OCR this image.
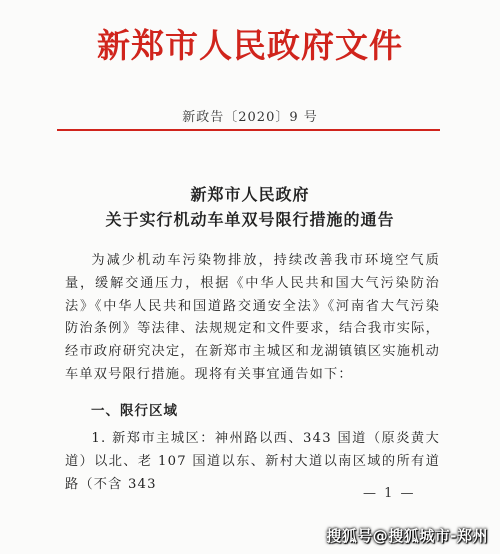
新郑市人民政府文件
新政告〔2020〕9 号
新郑市人民政府
关于实行机动车单双号限行措施的通告

为减少机动车污染物排放，持续改善我市环境空气质量，缓解交通压力，根据《中华人民共和国大气污染防治法》《中华人民共和国道路交通安全法》《河南省大气污染防治条例》等法律、法规规定和文件要求，结合我市实际，经市政府研究决定，在新郑市主城区和龙湖镇镇区实施机动车单双号限行措施。现将有关事宜通告如下：

一、限行区域

1. 新郑市主城区：神州路以西、343 国道（原炎黄大道）以北、老 107 国道以东、新村大道以南区域的所有道路（不含 343

— 1 —
搜狐号@搜狐城市-郑州
